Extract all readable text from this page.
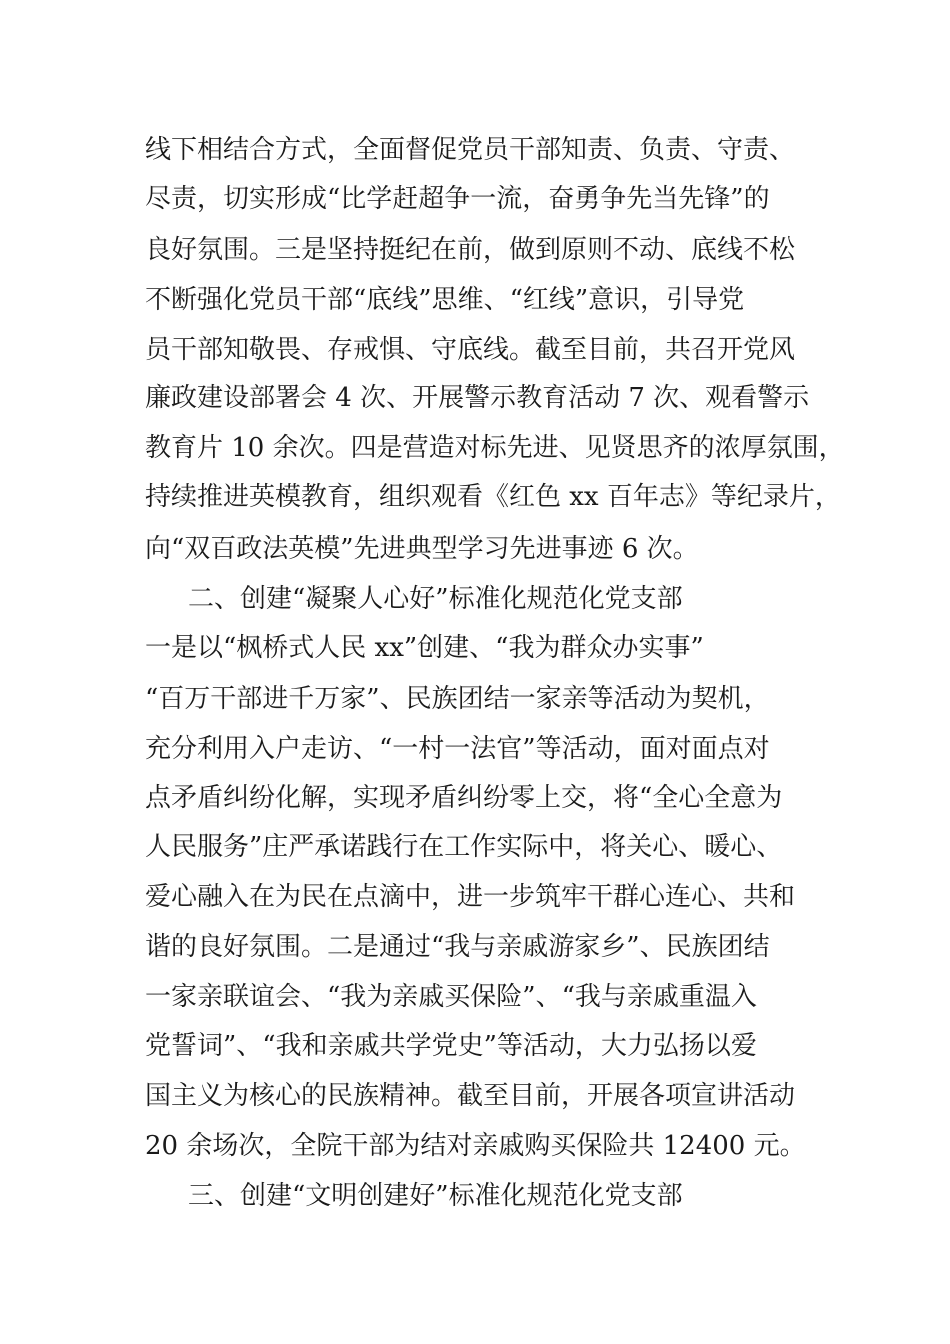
线下相结合方式，全面督促党员干部知责、负责、守责、
尽责，切实形成“比学赶超争一流，奋勇争先当先锋”的
良好氛围。三是坚持挺纪在前，做到原则不动、底线不松
不断强化党员干部“底线”思维、“红线”意识，引导党
员干部知敬畏、存戒惧、守底线。截至目前，共召开党风
廉政建设部署会 4 次、开展警示教育活动 7 次、观看警示
教育片 10 余次。四是营造对标先进、见贤思齐的浓厚氛围，
持续推进英模教育，组织观看《红色 xx 百年志》等纪录片，
向“双百政法英模”先进典型学习先进事迹 6 次。
二、创建“凝聚人心好”标准化规范化党支部
一是以“枫桥式人民 xx”创建、“我为群众办实事”
“百万干部进千万家”、民族团结一家亲等活动为契机，
充分利用入户走访、“一村一法官”等活动，面对面点对
点矛盾纠纷化解，实现矛盾纠纷零上交，将“全心全意为
人民服务”庄严承诺践行在工作实际中，将关心、暖心、
爱心融入在为民在点滴中，进一步筑牢干群心连心、共和
谐的良好氛围。二是通过“我与亲戚游家乡”、民族团结
一家亲联谊会、“我为亲戚买保险”、“我与亲戚重温入
党誓词”、“我和亲戚共学党史”等活动，大力弘扬以爱
国主义为核心的民族精神。截至目前，开展各项宣讲活动
20 余场次，全院干部为结对亲戚购买保险共 12400 元。
三、创建“文明创建好”标准化规范化党支部
